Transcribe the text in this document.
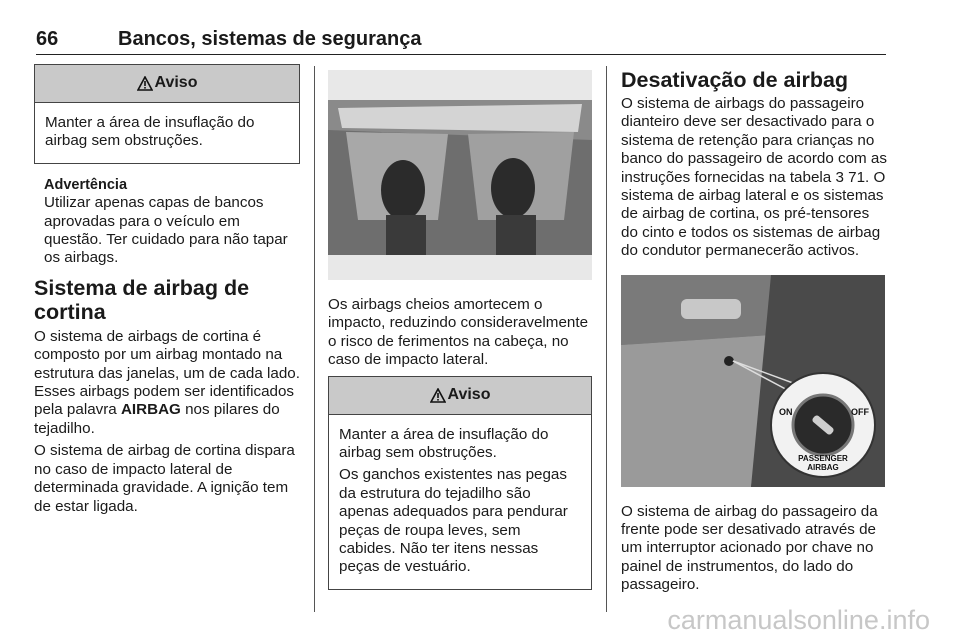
66	Bancos, sistemas de segurança
Aviso

Manter a área de insuflação do airbag sem obstruções.

Advertência

Utilizar apenas capas de bancos aprovadas para o veículo em questão. Ter cuidado para não tapar os airbags.

Sistema de airbag de cortina

O sistema de airbags de cortina é composto por um airbag montado na estrutura das janelas, um de cada lado. Esses airbags podem ser identificados pela palavra AIRBAG nos pilares do tejadilho.

O sistema de airbag de cortina dispara no caso de impacto lateral de determinada gravidade. A ignição tem de estar ligada.

Os airbags cheios amortecem o impacto, reduzindo consideravelmente o risco de ferimentos na cabeça, no caso de impacto lateral.

Aviso

Manter a área de insuflação do airbag sem obstruções.

Os ganchos existentes nas pegas da estrutura do tejadilho são apenas adequados para pendurar peças de roupa leves, sem cabides. Não ter itens nessas peças de vestuário.

Desativação de airbag

O sistema de airbags do passageiro dianteiro deve ser desactivado para o sistema de retenção para crianças no banco do passageiro de acordo com as instruções fornecidas na tabela 3 71. O sistema de airbag lateral e os sistemas de airbag de cortina, os pré-tensores do cinto e todos os sistemas de airbag do condutor permanecerão activos.

ON	OFF
PASSENGER
AIRBAG

O sistema de airbag do passageiro da frente pode ser desativado através de um interruptor acionado por chave no painel de instrumentos, do lado do passageiro.

carmanualsonline.info
